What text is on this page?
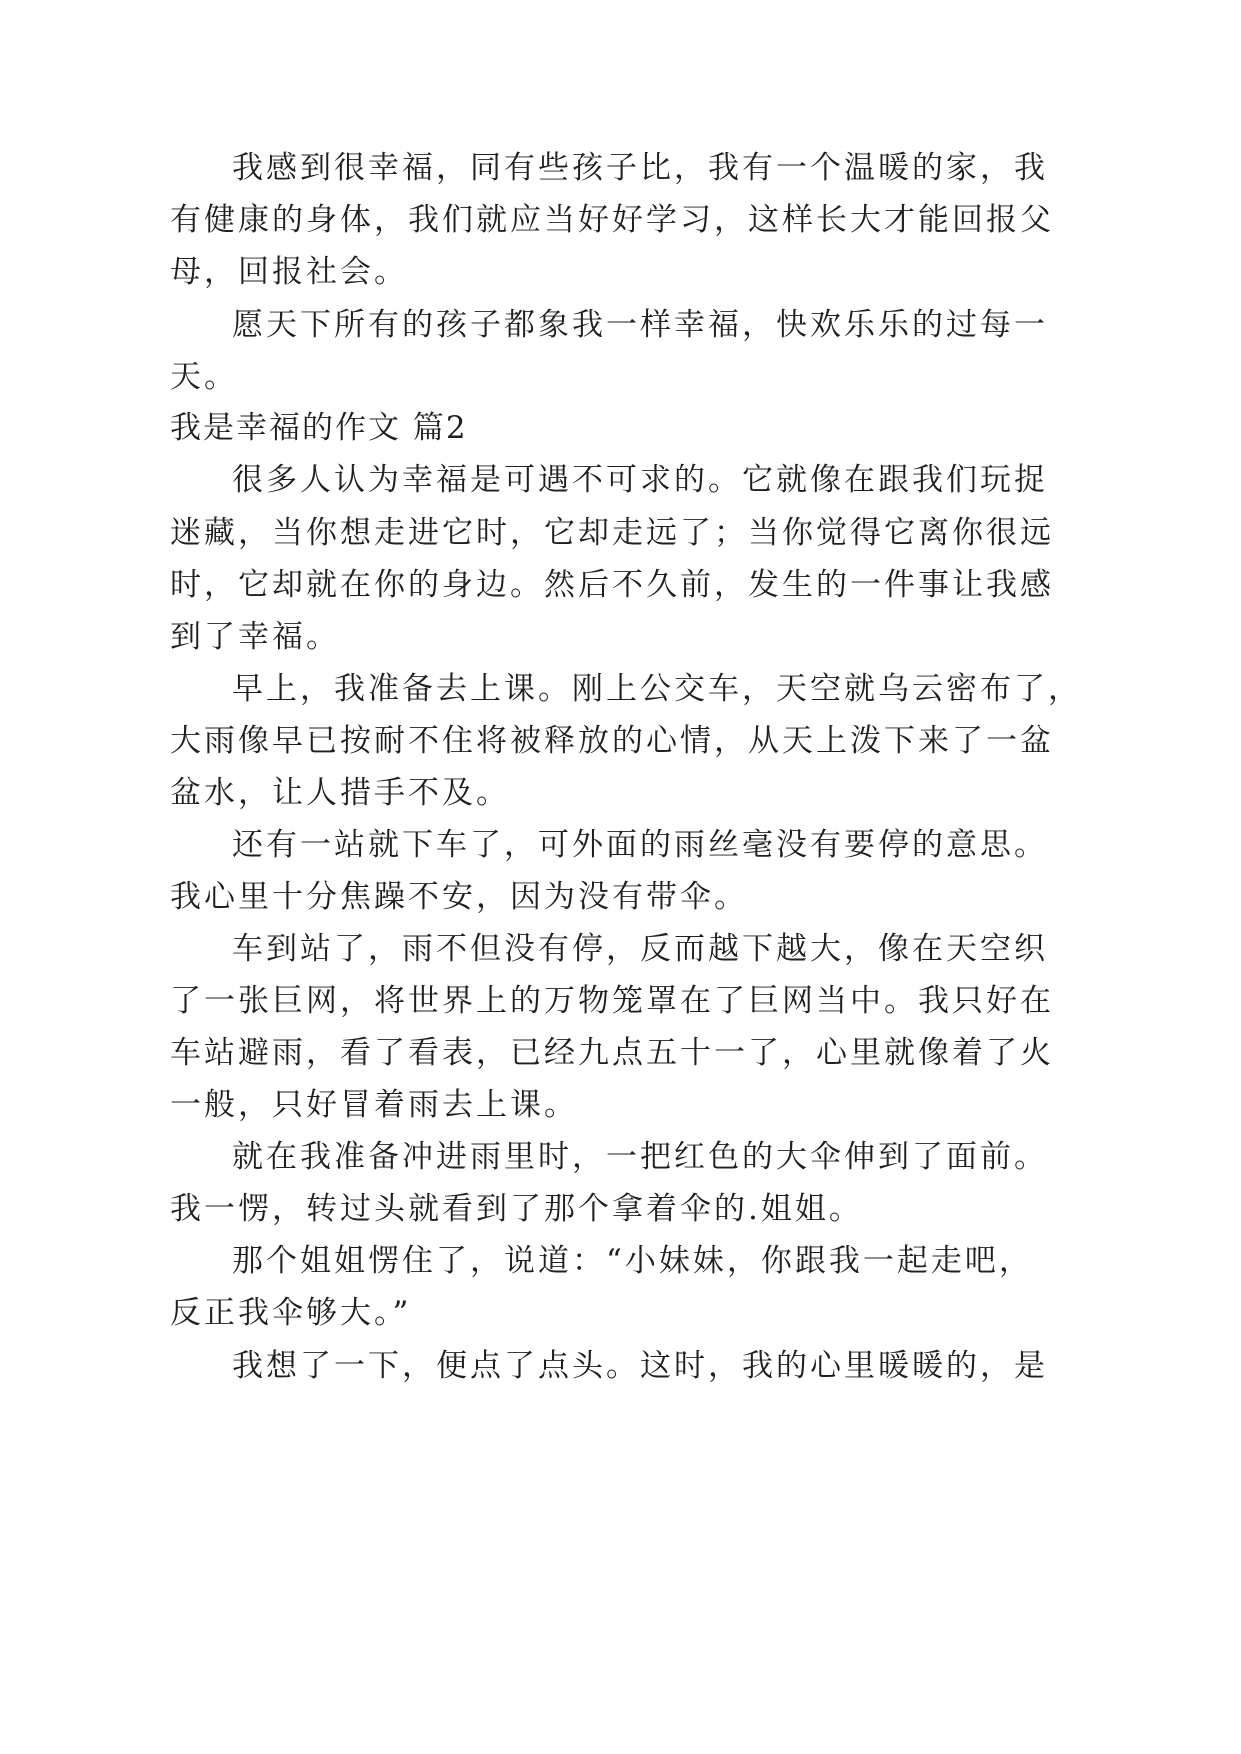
我感到很幸福，同有些孩子比，我有一个温暖的家，我
有健康的身体，我们就应当好好学习，这样长大才能回报父
母，回报社会。
愿天下所有的孩子都象我一样幸福，快欢乐乐的过每一
天。
我是幸福的作文 篇2
很多人认为幸福是可遇不可求的。它就像在跟我们玩捉
迷藏，当你想走进它时，它却走远了；当你觉得它离你很远
时，它却就在你的身边。然后不久前，发生的一件事让我感
到了幸福。
早上，我准备去上课。刚上公交车，天空就乌云密布了，
大雨像早已按耐不住将被释放的心情，从天上泼下来了一盆
盆水，让人措手不及。
还有一站就下车了，可外面的雨丝毫没有要停的意思。
我心里十分焦躁不安，因为没有带伞。
车到站了，雨不但没有停，反而越下越大，像在天空织
了一张巨网，将世界上的万物笼罩在了巨网当中。我只好在
车站避雨，看了看表，已经九点五十一了，心里就像着了火
一般，只好冒着雨去上课。
就在我准备冲进雨里时，一把红色的大伞伸到了面前。
我一愣，转过头就看到了那个拿着伞的.姐姐。
那个姐姐愣住了，说道：“小妹妹，你跟我一起走吧，
反正我伞够大。”
我想了一下，便点了点头。这时，我的心里暖暖的，是
